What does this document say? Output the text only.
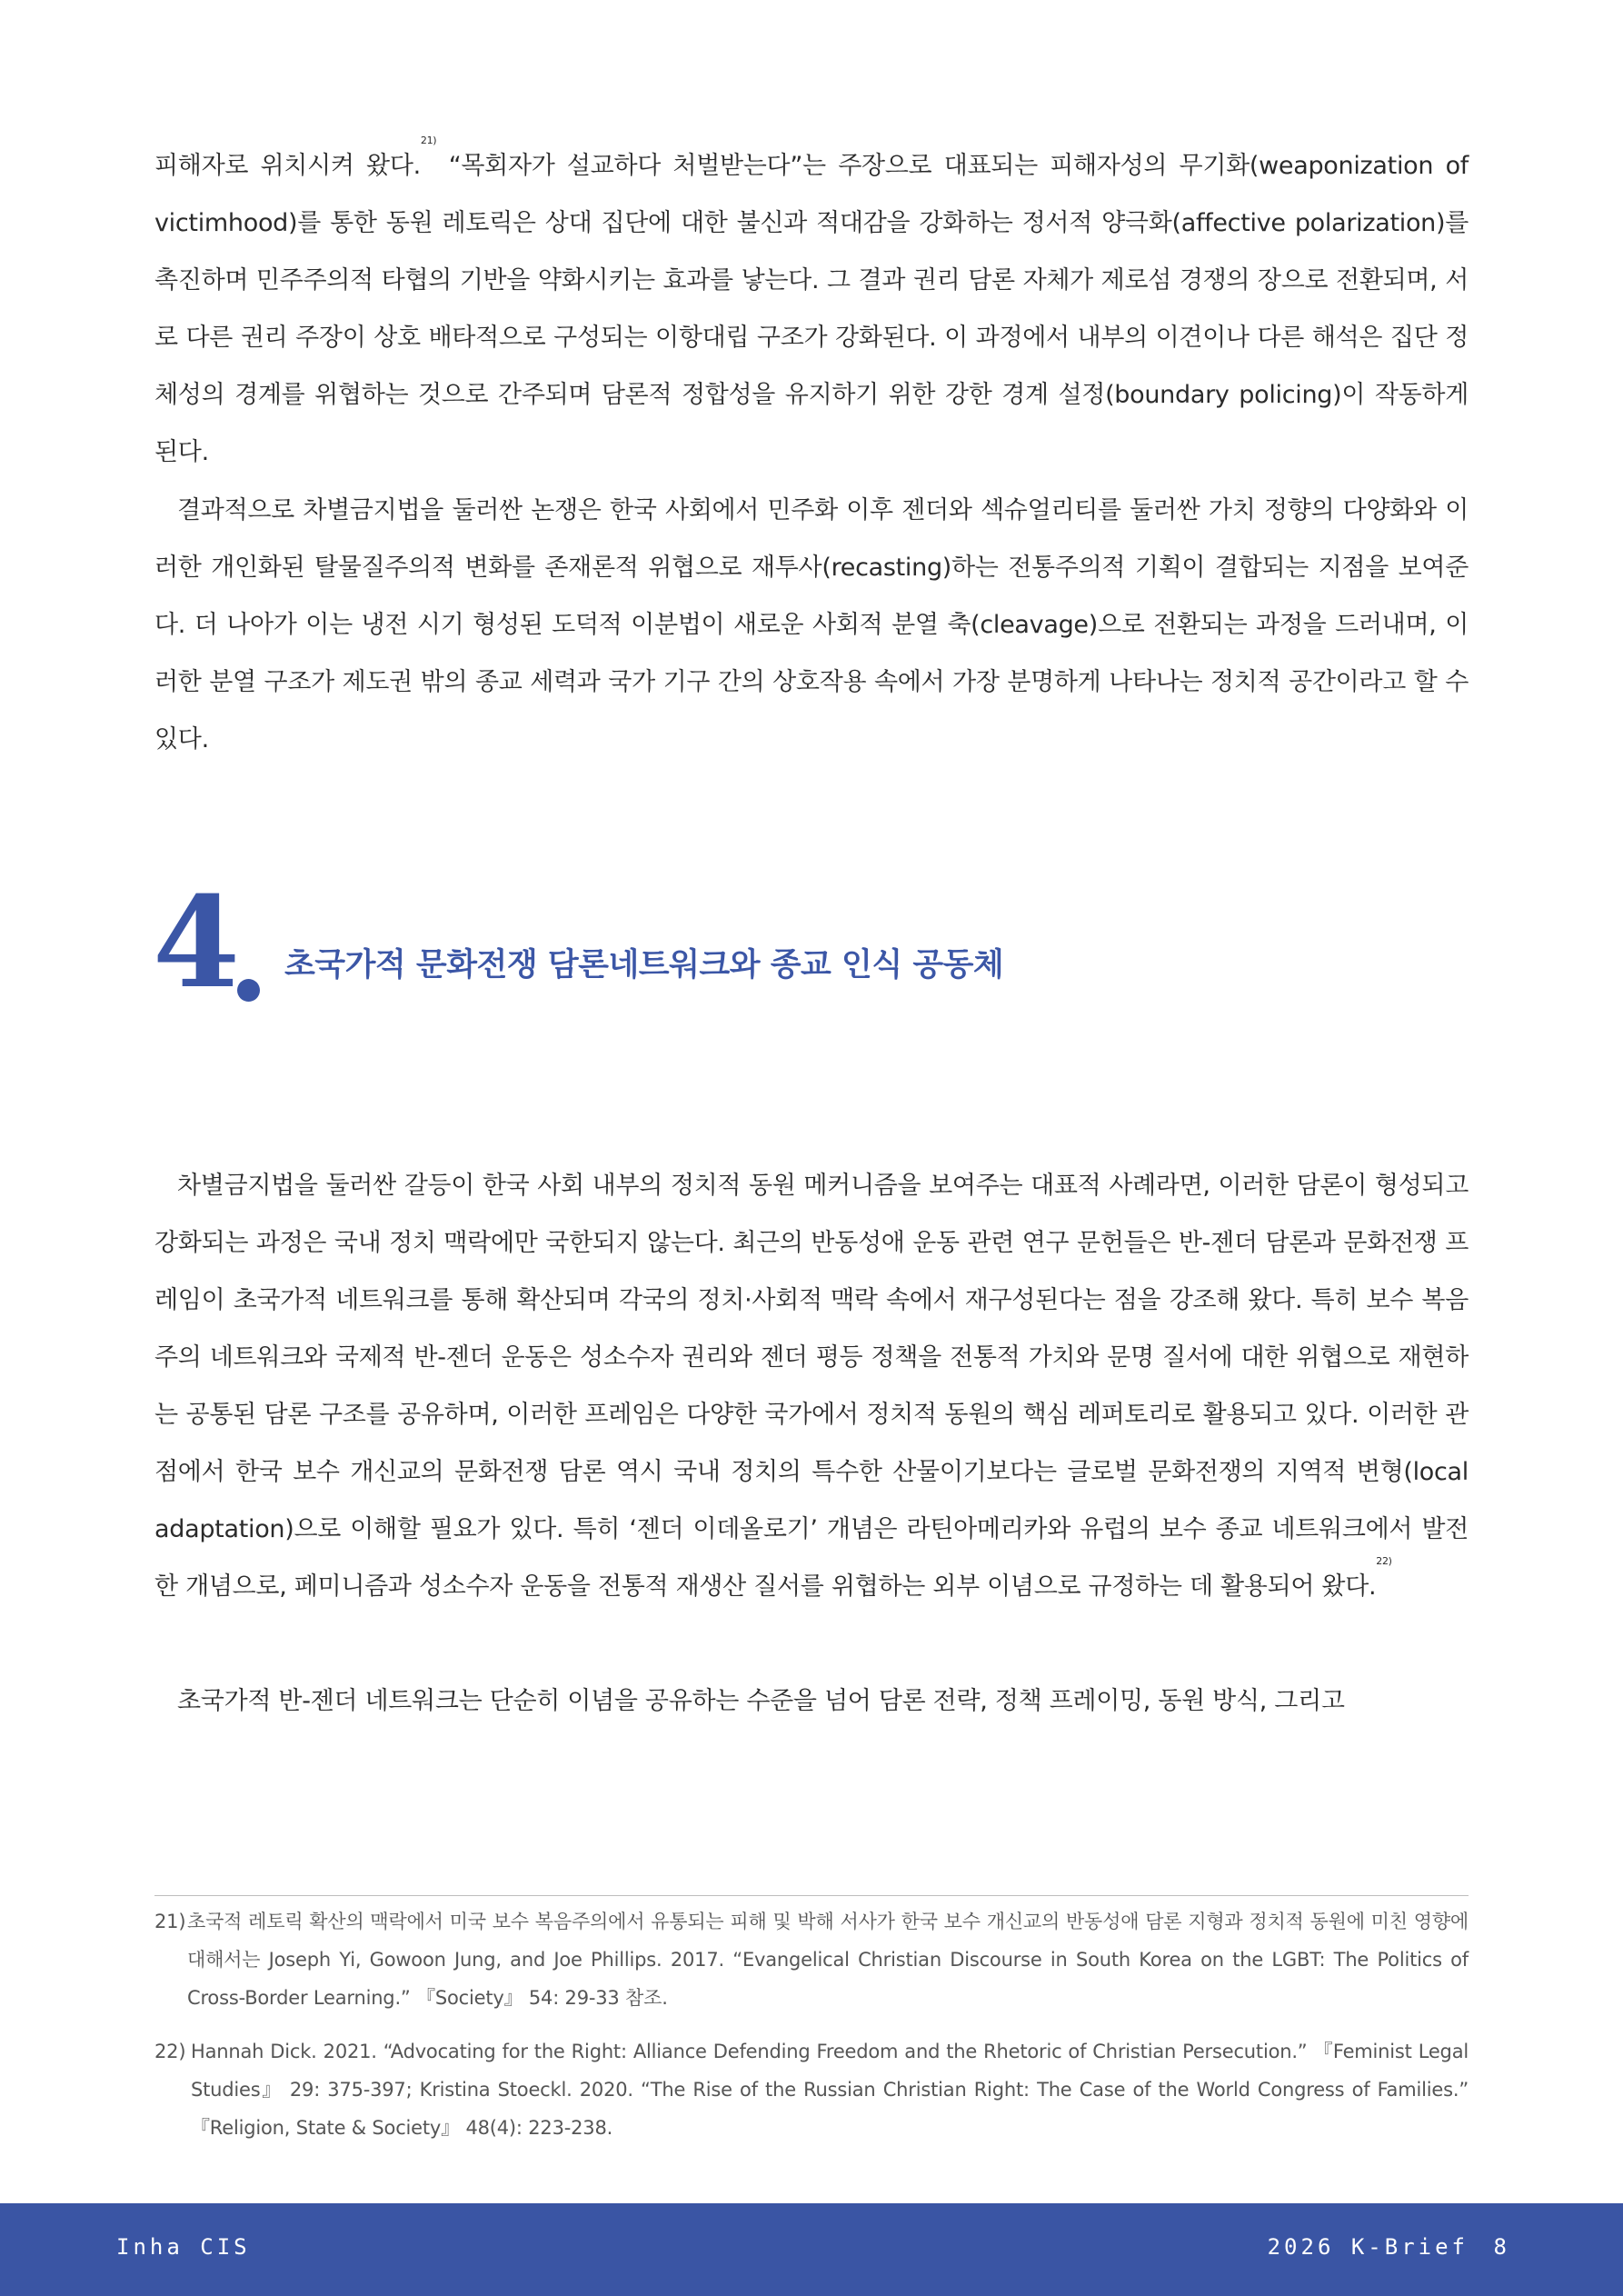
피해자로 위치시켜 왔다.$^{21)}$ “목회자가 설교하다 처벌받는다”는 주장으로 대표되는 피해자성의 무기화(weaponization of victimhood)를 통한 동원 레토릭은 상대 집단에 대한 불신과 적대감을 강화하는 정서적 양극화(affective polarization)를 촉진하며 민주주의적 타협의 기반을 약화시키는 효과를 낳는다. 그 결과 권리 담론 자체가 제로섬 경쟁의 장으로 전환되며, 서로 다른 권리 주장이 상호 배타적으로 구성되는 이항대립 구조가 강화된다. 이 과정에서 내부의 이견이나 다른 해석은 집단 정체성의 경계를 위협하는 것으로 간주되며 담론적 정합성을 유지하기 위한 강한 경계 설정(boundary policing)이 작동하게 된다.

결과적으로 차별금지법을 둘러싼 논쟁은 한국 사회에서 민주화 이후 젠더와 섹슈얼리티를 둘러싼 가치 정향의 다양화와 이러한 개인화된 탈물질주의적 변화를 존재론적 위협으로 재투사(recasting)하는 전통주의적 기획이 결합되는 지점을 보여준다. 더 나아가 이는 냉전 시기 형성된 도덕적 이분법이 새로운 사회적 분열 축(cleavage)으로 전환되는 과정을 드러내며, 이러한 분열 구조가 제도권 밖의 종교 세력과 국가 기구 간의 상호작용 속에서 가장 분명하게 나타나는 정치적 공간이라고 할 수 있다.

4 초국가적 문화전쟁 담론네트워크와 종교 인식 공동체

차별금지법을 둘러싼 갈등이 한국 사회 내부의 정치적 동원 메커니즘을 보여주는 대표적 사례라면, 이러한 담론이 형성되고 강화되는 과정은 국내 정치 맥락에만 국한되지 않는다. 최근의 반동성애 운동 관련 연구 문헌들은 반-젠더 담론과 문화전쟁 프레임이 초국가적 네트워크를 통해 확산되며 각국의 정치·사회적 맥락 속에서 재구성된다는 점을 강조해 왔다. 특히 보수 복음주의 네트워크와 국제적 반-젠더 운동은 성소수자 권리와 젠더 평등 정책을 전통적 가치와 문명 질서에 대한 위협으로 재현하는 공통된 담론 구조를 공유하며, 이러한 프레임은 다양한 국가에서 정치적 동원의 핵심 레퍼토리로 활용되고 있다. 이러한 관점에서 한국 보수 개신교의 문화전쟁 담론 역시 국내 정치의 특수한 산물이기보다는 글로벌 문화전쟁의 지역적 변형(local adaptation)으로 이해할 필요가 있다. 특히 ‘젠더 이데올로기’ 개념은 라틴아메리카와 유럽의 보수 종교 네트워크에서 발전한 개념으로, 페미니즘과 성소수자 운동을 전통적 재생산 질서를 위협하는 외부 이념으로 규정하는 데 활용되어 왔다.$^{22)}$

초국가적 반-젠더 네트워크는 단순히 이념을 공유하는 수준을 넘어 담론 전략, 정책 프레이밍, 동원 방식, 그리고

21)초국적 레토릭 확산의 맥락에서 미국 보수 복음주의에서 유통되는 피해 및 박해 서사가 한국 보수 개신교의 반동성애 담론 지형과 정치적 동원에 미친 영향에 대해서는 Joseph Yi, Gowoon Jung, and Joe Phillips. 2017. “Evangelical Christian Discourse in South Korea on the LGBT: The Politics of Cross-Border Learning.” 『Society』 54: 29-33 참조.

22) Hannah Dick. 2021. “Advocating for the Right: Alliance Defending Freedom and the Rhetoric of Christian Persecution.” 『Feminist Legal Studies』 29: 375-397; Kristina Stoeckl. 2020. “The Rise of the Russian Christian Right: The Case of the World Congress of Families.” 『Religion, State & Society』 48(4): 223-238.

Inha CIS	2026 K-Brief 8
